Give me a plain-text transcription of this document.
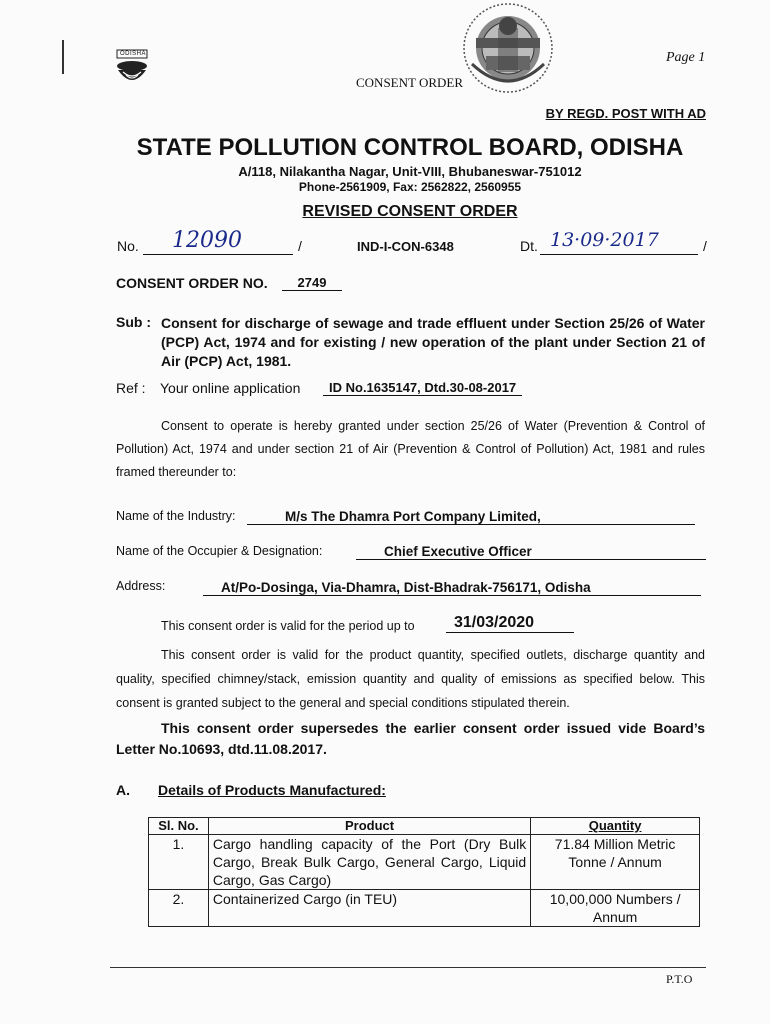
ODISHA	Page 1
CONSENT ORDER
BY REGD. POST WITH AD
STATE POLLUTION CONTROL BOARD, ODISHA
A/118, Nilakantha Nagar, Unit-VIII, Bhubaneswar-751012
Phone-2561909, Fax: 2562822, 2560955
REVISED CONSENT ORDER
No. 12090	/	IND-I-CON-6348	Dt. 13·09·2017	/
CONSENT ORDER NO.	2749
Sub : Consent for discharge of sewage and trade effluent under Section 25/26 of Water (PCP) Act, 1974 and for existing / new operation of the plant under Section 21 of Air (PCP) Act, 1981.
Ref : Your online application	ID No.1635147, Dtd.30-08-2017
Consent to operate is hereby granted under section 25/26 of Water (Prevention & Control of Pollution) Act, 1974 and under section 21 of Air (Prevention & Control of Pollution) Act, 1981 and rules framed thereunder to:
Name of the Industry:	M/s The Dhamra Port Company Limited,
Name of the Occupier & Designation:	Chief Executive Officer
Address:	At/Po-Dosinga, Via-Dhamra, Dist-Bhadrak-756171, Odisha
This consent order is valid for the period up to	31/03/2020
This consent order is valid for the product quantity, specified outlets, discharge quantity and quality, specified chimney/stack, emission quantity and quality of emissions as specified below. This consent is granted subject to the general and special conditions stipulated therein.
This consent order supersedes the earlier consent order issued vide Board’s Letter No.10693, dtd.11.08.2017.
A. Details of Products Manufactured:
Sl. No.	Product	Quantity
1.	Cargo handling capacity of the Port (Dry Bulk Cargo, Break Bulk Cargo, General Cargo, Liquid Cargo, Gas Cargo)	71.84 Million Metric Tonne / Annum
2.	Containerized Cargo (in TEU)	10,00,000 Numbers / Annum
P.T.O
